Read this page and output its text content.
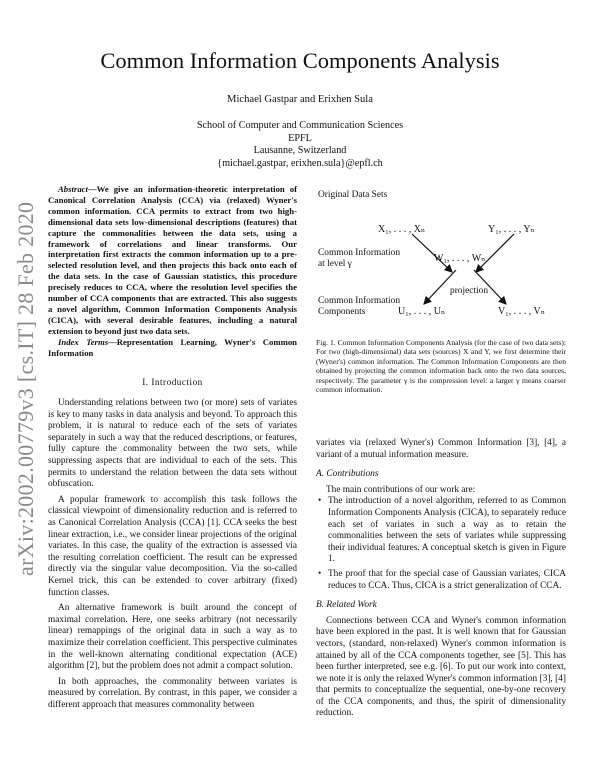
arXiv:2002.00779v3 [cs.IT] 28 Feb 2020
Common Information Components Analysis
Michael Gastpar and Erixhen Sula
School of Computer and Communication Sciences
EPFL
Lausanne, Switzerland
{michael.gastpar, erixhen.sula}@epfl.ch

Abstract—We give an information-theoretic interpretation of Canonical Correlation Analysis (CCA) via (relaxed) Wyner's common information. CCA permits to extract from two high-dimensional data sets low-dimensional descriptions (features) that capture the commonalities between the data sets, using a framework of correlations and linear transforms. Our interpretation first extracts the common information up to a pre-selected resolution level, and then projects this back onto each of the data sets. In the case of Gaussian statistics, this procedure precisely reduces to CCA, where the resolution level specifies the number of CCA components that are extracted. This also suggests a novel algorithm, Common Information Components Analysis (CICA), with several desirable features, including a natural extension to beyond just two data sets.

Index Terms—Representation Learning, Wyner's Common Information

I. Introduction

Understanding relations between two (or more) sets of variates is key to many tasks in data analysis and beyond. To approach this problem, it is natural to reduce each of the sets of variates separately in such a way that the reduced descriptions, or features, fully capture the commonality between the two sets, while suppressing aspects that are individual to each of the sets. This permits to understand the relation between the data sets without obfuscation.

A popular framework to accomplish this task follows the classical viewpoint of dimensionality reduction and is referred to as Canonical Correlation Analysis (CCA) [1]. CCA seeks the best linear extraction, i.e., we consider linear projections of the original variates. In this case, the quality of the extraction is assessed via the resulting correlation coefficient. The result can be expressed directly via the singular value decomposition. Via the so-called Kernel trick, this can be extended to cover arbitrary (fixed) function classes.

An alternative framework is built around the concept of maximal correlation. Here, one seeks arbitrary (not necessarily linear) remappings of the original data in such a way as to maximize their correlation coefficient. This perspective culminates in the well-known alternating conditional expectation (ACE) algorithm [2], but the problem does not admit a compact solution.

In both approaches, the commonality between variates is measured by correlation. By contrast, in this paper, we consider a different approach that measures commonality between

Original Data Sets
Common Information at level γ
Common Information Components
X₁, . . . , Xₙ	Y₁, . . . , Yₙ
W₁, . . . , Wₙ
projection
U₁, . . . , Uₙ	V₁, . . . , Vₙ
Fig. 1. Common Information Components Analysis (for the case of two data sets): For two (high-dimensional) data sets (sources) X and Y, we first determine their (Wyner's) common information. The Common Information Components are then obtained by projecting the common information back onto the two data sources, respectively. The parameter γ is the compression level: a larger γ means coarser common information.

variates via (relaxed Wyner's) Common Information [3], [4], a variant of a mutual information measure.

A. Contributions

The main contributions of our work are:

• The introduction of a novel algorithm, referred to as Common Information Components Analysis (CICA), to separately reduce each set of variates in such a way as to retain the commonalities between the sets of variates while suppressing their individual features. A conceptual sketch is given in Figure 1.
• The proof that for the special case of Gaussian variates, CICA reduces to CCA. Thus, CICA is a strict generalization of CCA.
B. Related Work

Connections between CCA and Wyner's common information have been explored in the past. It is well known that for Gaussian vectors, (standard, non-relaxed) Wyner's common information is attained by all of the CCA components together, see [5]. This has been further interpreted, see e.g. [6]. To put our work into context, we note it is only the relaxed Wyner's common information [3], [4] that permits to conceptualize the sequential, one-by-one recovery of the CCA components, and thus, the spirit of dimensionality reduction.
